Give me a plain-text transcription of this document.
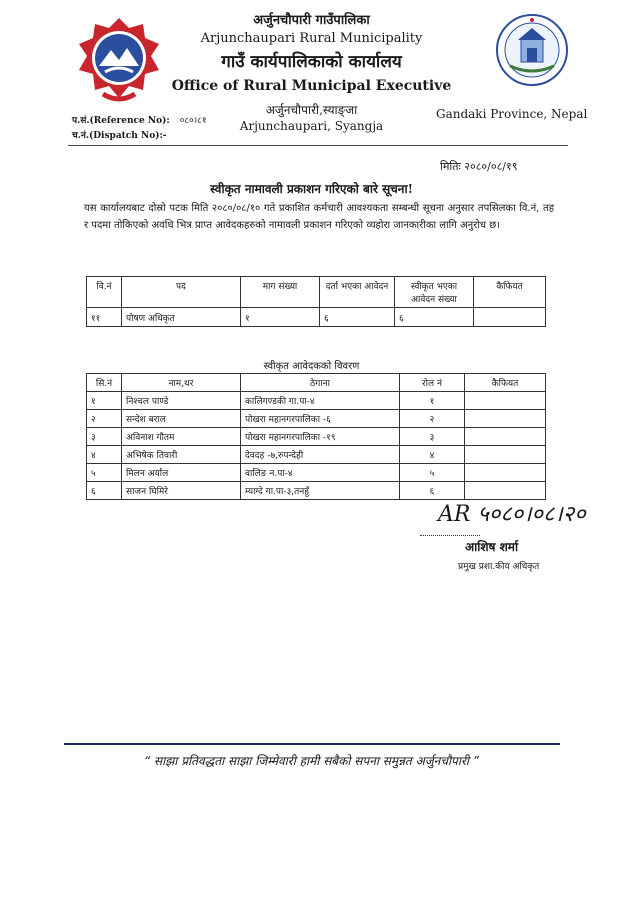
अर्जुनचौपारी गाउँपालिका
Arjunchaupari Rural Municipality
गाउँ कार्यपालिकाको कार्यालय
Office of Rural Municipal Executive
अर्जुनचौपारी,स्याङ्जा
Arjunchaupari, Syangja
Gandaki Province, Nepal
प.सं.(Reference No): ०८०।८१
च.नं.(Dispatch No):-
मितिः २०८०/०८/१९
स्वीकृत नामावली प्रकाशन गरिएको बारे सूचना!
यस कार्यालयबाट दोस्रो पटक मिति २०८०/०८/१० गते प्रकाशित कर्मचारी आवश्यकता सम्बन्धी सूचना अनुसार तपसिलका वि.नं, तह र पदमा तोकिएको अवधि भित्र प्राप्त आवेदकहरुको नामावली प्रकाशन गरिएको व्यहोरा जानकारीका लागि अनुरोध छ।
वि.नं	पद	माग संख्या	दर्ता भएका आवेदन	स्वीकृत भएका आवेदन संख्या	कैफियत
११	पोषण अधिकृत	१	६	६	
स्वीकृत आवेदकको विवरण
सि.नं	नाम,थर	ठेगाना	रोल नं	कैफियत
१	निश्चल पाण्डे	कालिगण्डकी गा.पा-४	१	
२	सन्देश बराल	पोखरा महानगरपालिका -६	२	
३	अविनाश गौतम	पोखरा महानगरपालिका -१९	३	
४	अभिषेक तिवारी	देवदह -७,रुपन्देही	४	
५	मिलन अर्याल	वालिङ न.पा-४	५	
६	साजन घिमिरे	म्याग्दे गा.पा-३,तनहुँ	६	
AR ५०८०।०८।२०
आशिष शर्मा
प्रमुख प्रशा.कीय अधिकृत
“ साझा प्रतिवद्धता साझा जिम्मेवारी हामी सबैको सपना समुन्नत अर्जुनचौपारी ”
